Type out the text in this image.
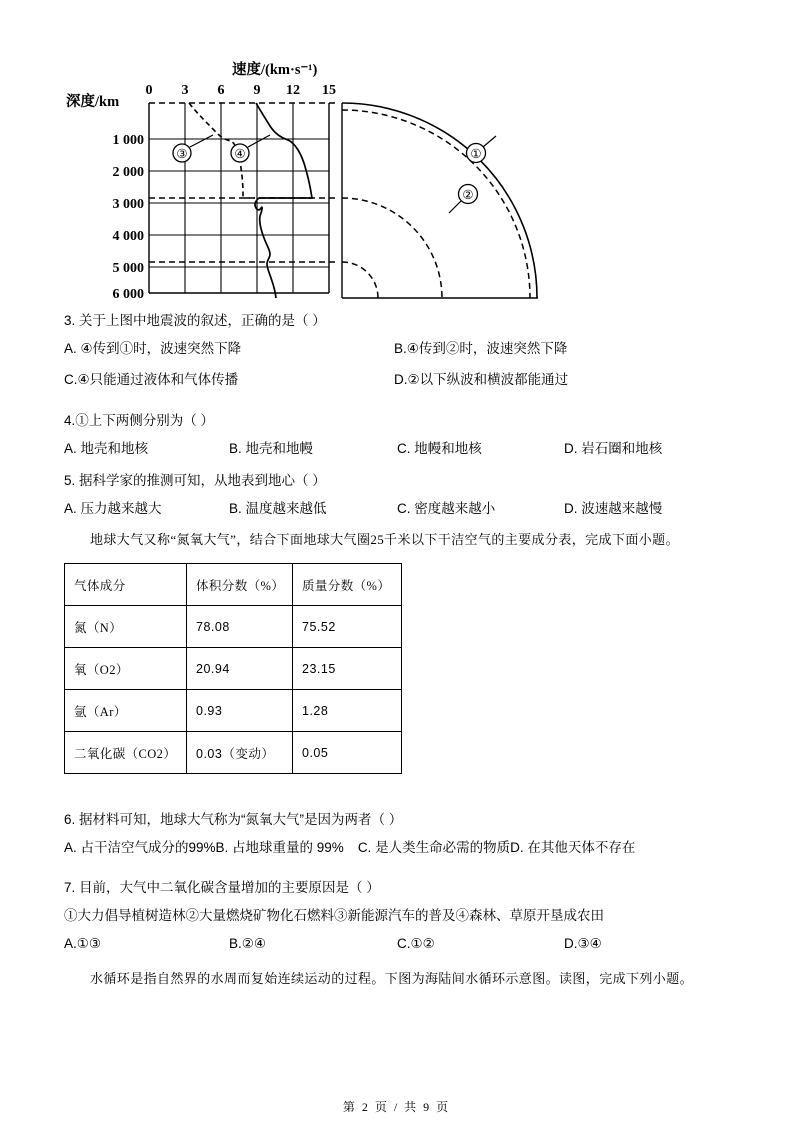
速度/(km·s⁻¹)
深度/km
0 3 6 9 12 15
1 000
2 000
3 000
4 000
5 000
6 000
③	④	①
②
3. 关于上图中地震波的叙述，正确的是（ ）
A. ④传到①时，波速突然下降	B.④传到②时，波速突然下降
C.④只能通过液体和气体传播	D.②以下纵波和横波都能通过
4.①上下两侧分别为（ ）
A. 地壳和地核	B. 地壳和地幔	C. 地幔和地核	D. 岩石圈和地核
5. 据科学家的推测可知，从地表到地心（ ）
A. 压力越来越大	B. 温度越来越低	C. 密度越来越小	D. 波速越来越慢
地球大气又称“氮氧大气”，结合下面地球大气圈25千米以下干洁空气的主要成分表，完成下面小题。
气体成分	体积分数（%）	质量分数（%）
氮（N）	78.08	75.52
氧（O2）	20.94	23.15
氩（Ar）	0.93	1.28
二氧化碳（CO2）	0.03（变动）	0.05
6. 据材料可知，地球大气称为“氮氧大气”是因为两者（ ）
A. 占干洁空气成分的99%B. 占地球重量的 99% C. 是人类生命必需的物质D. 在其他天体不存在
7. 目前，大气中二氧化碳含量增加的主要原因是（ ）
①大力倡导植树造林②大量燃烧矿物化石燃料③新能源汽车的普及④森林、草原开垦成农田
A.①③	B.②④	C.①②	D.③④
水循环是指自然界的水周而复始连续运动的过程。下图为海陆间水循环示意图。读图，完成下列小题。
第 2 页 / 共 9 页
